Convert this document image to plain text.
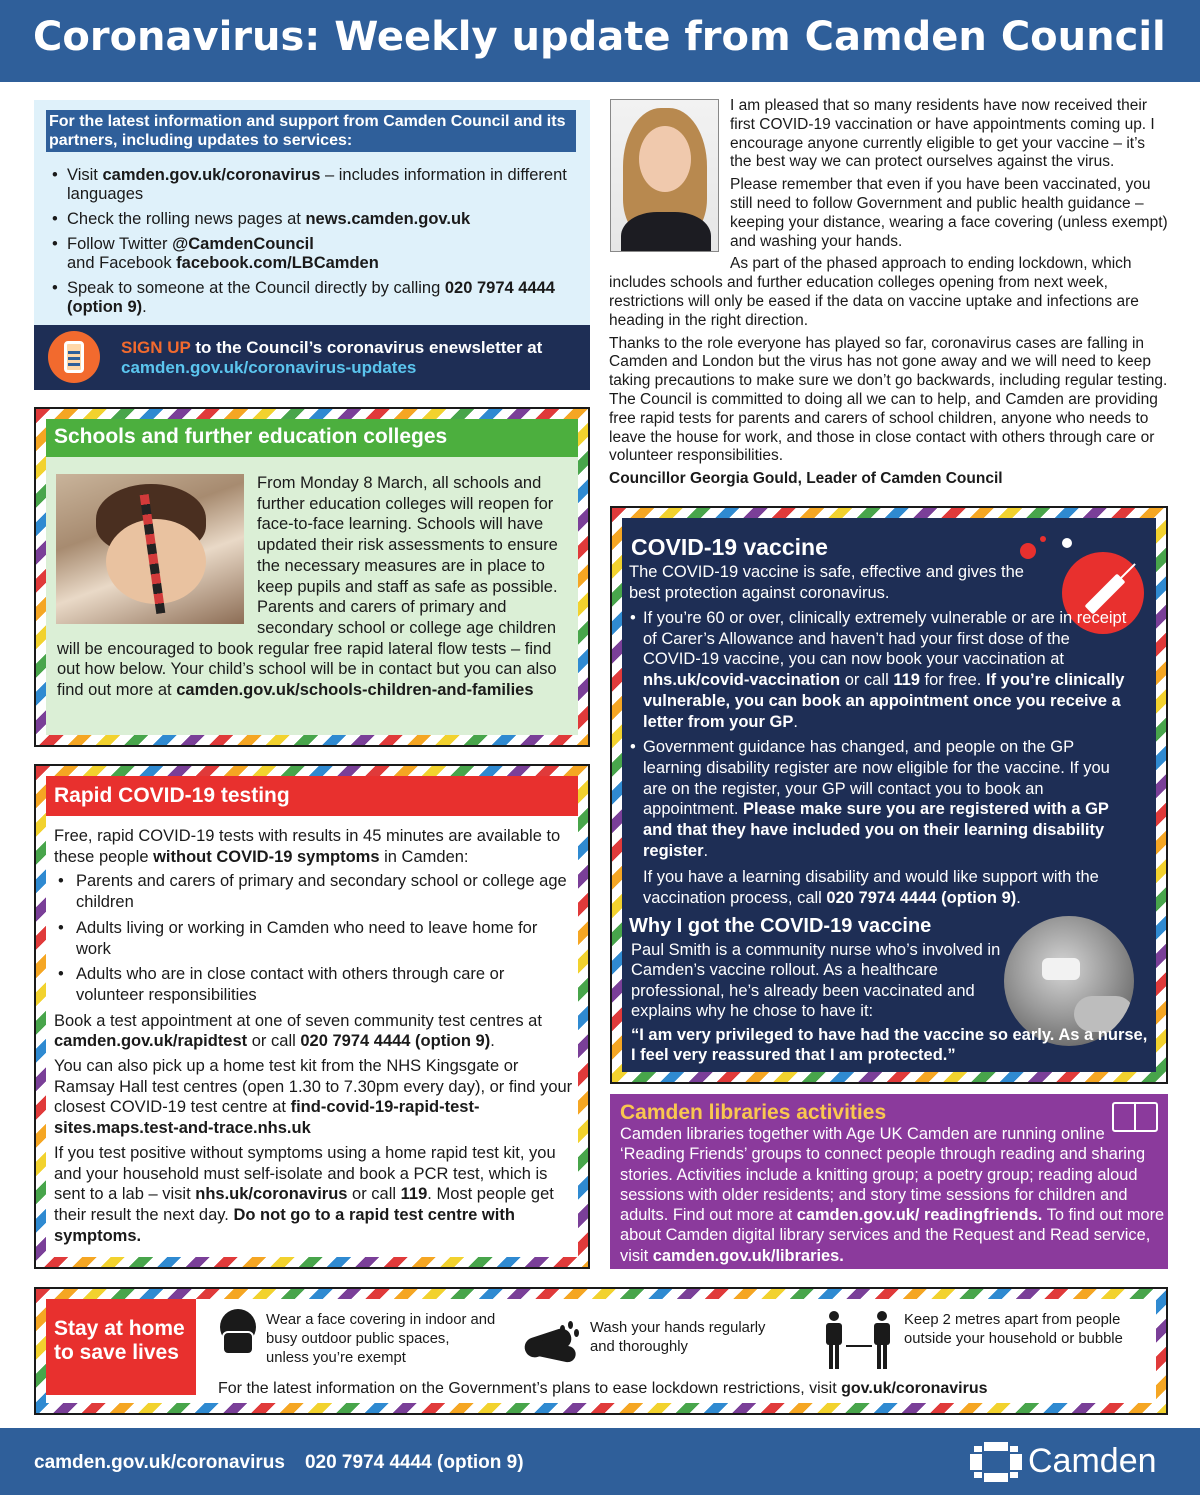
Coronavirus: Weekly update from Camden Council
For the latest information and support from Camden Council and its partners, including updates to services:
• Visit camden.gov.uk/coronavirus – includes information in different languages
• Check the rolling news pages at news.camden.gov.uk
• Follow Twitter @CamdenCouncil
and Facebook facebook.com/LBCamden
• Speak to someone at the Council directly by calling 020 7974 4444 (option 9).

SIGN UP to the Council’s coronavirus enewsletter at camden.gov.uk/coronavirus-updates

Schools and further education colleges
From Monday 8 March, all schools and further education colleges will reopen for face-to-face learning. Schools will have updated their risk assessments to ensure the necessary measures are in place to keep pupils and staff as safe as possible. Parents and carers of primary and secondary school or college age children will be encouraged to book regular free rapid lateral flow tests – find out how below. Your child’s school will be in contact but you can also find out more at camden.gov.uk/schools-children-and-families
Rapid COVID-19 testing

Free, rapid COVID-19 tests with results in 45 minutes are available to these people without COVID-19 symptoms in Camden:

• Parents and carers of primary and secondary school or college age children
• Adults living or working in Camden who need to leave home for work
• Adults who are in close contact with others through care or volunteer responsibilities

Book a test appointment at one of seven community test centres at camden.gov.uk/rapidtest or call 020 7974 4444 (option 9).

You can also pick up a home test kit from the NHS Kingsgate or Ramsay Hall test centres (open 1.30 to 7.30pm every day), or find your closest COVID-19 test centre at find-covid-19-rapid-test-sites.maps.test-and-trace.nhs.uk

If you test positive without symptoms using a home rapid test kit, you and your household must self-isolate and book a PCR test, which is sent to a lab – visit nhs.uk/coronavirus or call 119. Most people get their result the next day. Do not go to a rapid test centre with symptoms.

I am pleased that so many residents have now received their first COVID-19 vaccination or have appointments coming up. I encourage anyone currently eligible to get your vaccine – it’s the best way we can protect ourselves against the virus.

Please remember that even if you have been vaccinated, you still need to follow Government and public health guidance – keeping your distance, wearing a face covering (unless exempt) and washing your hands.

As part of the phased approach to ending lockdown, which includes schools and further education colleges opening from next week, restrictions will only be eased if the data on vaccine uptake and infections are heading in the right direction.

Thanks to the role everyone has played so far, coronavirus cases are falling in Camden and London but the virus has not gone away and we will need to keep taking precautions to make sure we don’t go backwards, including regular testing. The Council is committed to doing all we can to help, and Camden are providing free rapid tests for parents and carers of school children, anyone who needs to leave the house for work, and those in close contact with others through care or volunteer responsibilities.

Councillor Georgia Gould, Leader of Camden Council

COVID-19 vaccine

The COVID-19 vaccine is safe, effective and gives the best protection against coronavirus.

• If you’re 60 or over, clinically extremely vulnerable or are in receipt of Carer’s Allowance and haven’t had your first dose of the COVID-19 vaccine, you can now book your vaccination at nhs.uk/covid-vaccination or call 119 for free. If you’re clinically vulnerable, you can book an appointment once you receive a letter from your GP.
• Government guidance has changed, and people on the GP learning disability register are now eligible for the vaccine. If you are on the register, your GP will contact you to book an appointment. Please make sure you are registered with a GP and that they have included you on their learning disability register.

If you have a learning disability and would like support with the vaccination process, call 020 7974 4444 (option 9).

Why I got the COVID-19 vaccine

Paul Smith is a community nurse who’s involved in Camden’s vaccine rollout. As a healthcare professional, he’s already been vaccinated and explains why he chose to have it:

“I am very privileged to have had the vaccine so early. As a nurse, I feel very reassured that I am protected.”

Camden libraries activities

Camden libraries together with Age UK Camden are running online ‘Reading Friends’ groups to connect people through reading and sharing stories. Activities include a knitting group; a poetry group; reading aloud sessions with older residents; and story time sessions for children and adults. Find out more at camden.gov.uk/ readingfriends. To find out more about Camden digital library services and the Request and Read service, visit camden.gov.uk/libraries.

Stay at home to save lives

Wear a face covering in indoor and busy outdoor public spaces, unless you’re exempt

Wash your hands regularly and thoroughly

Keep 2 metres apart from people outside your household or bubble

For the latest information on the Government’s plans to ease lockdown restrictions, visit gov.uk/coronavirus

camden.gov.uk/coronavirus 020 7974 4444 (option 9)	Camden
